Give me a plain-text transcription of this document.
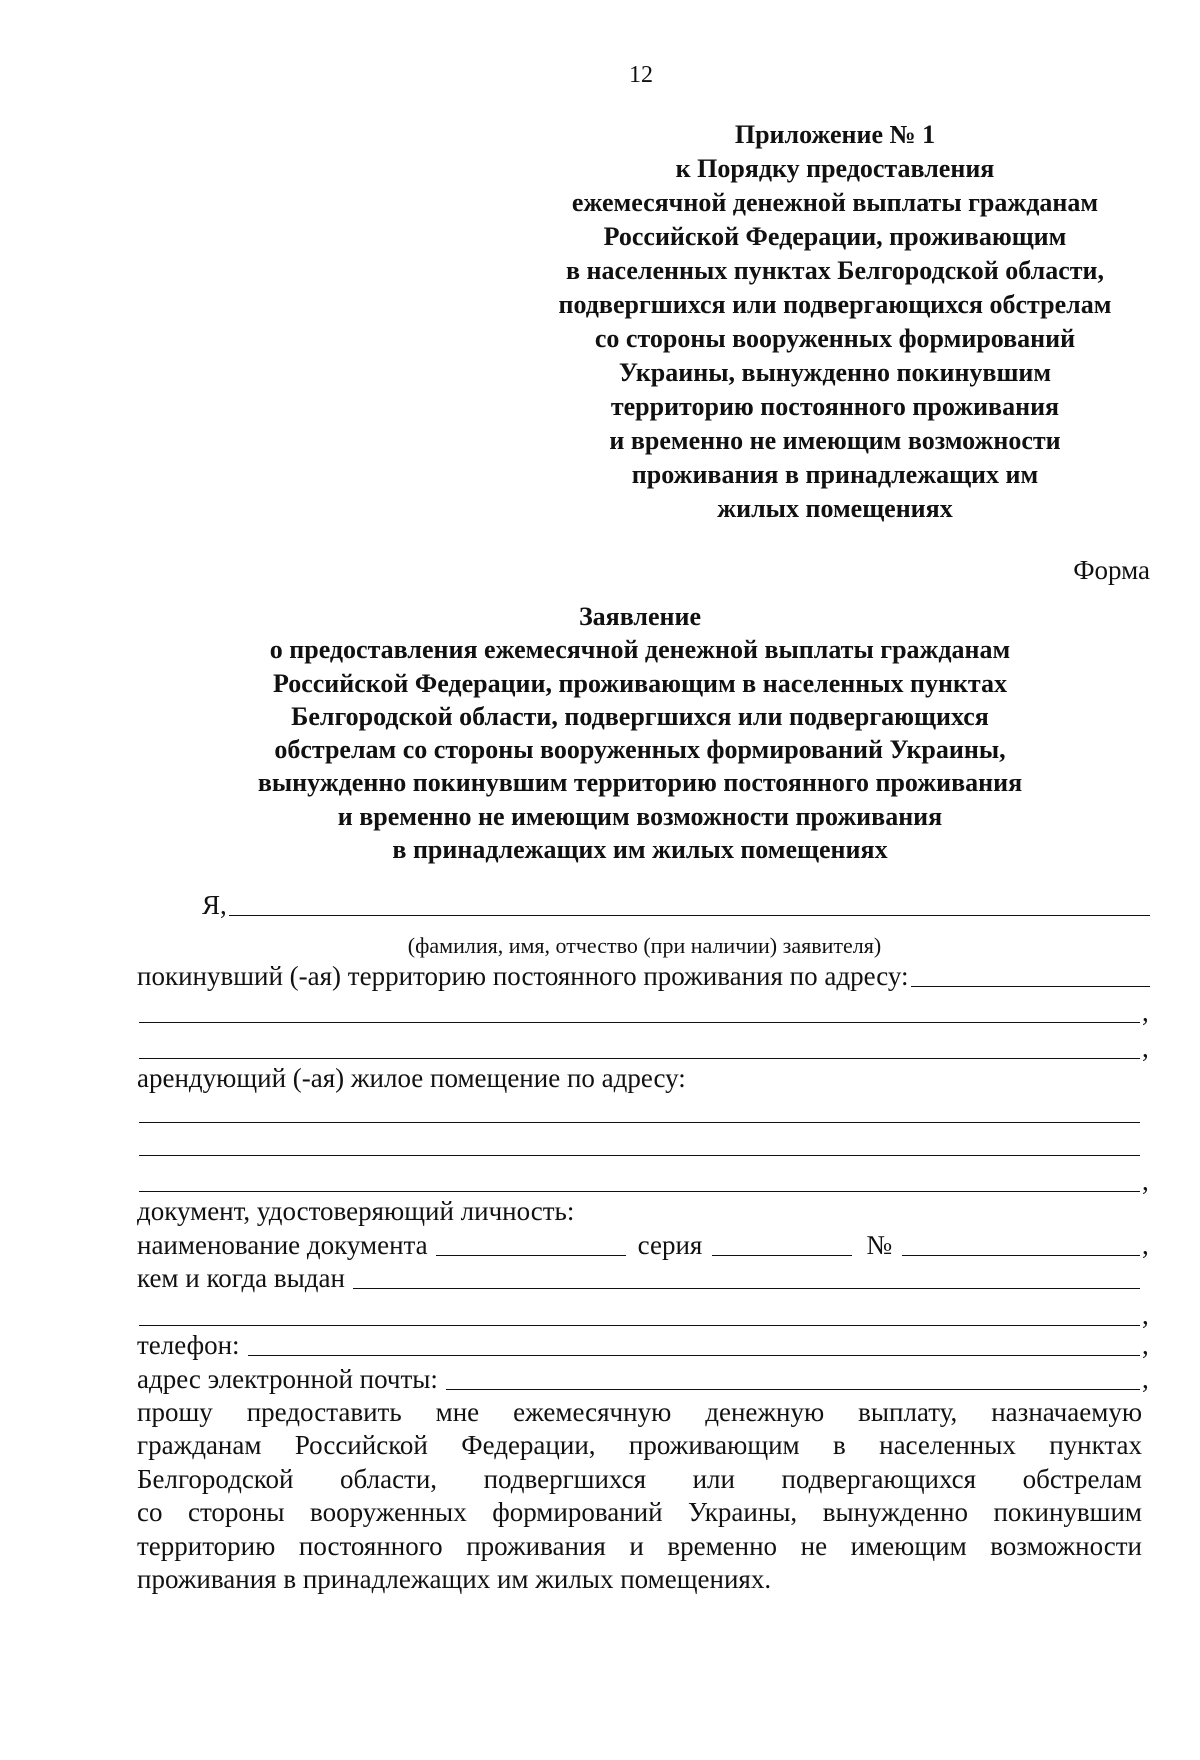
12
Приложение № 1
к Порядку предоставления
ежемесячной денежной выплаты гражданам
Российской Федерации, проживающим
в населенных пунктах Белгородской области,
подвергшихся или подвергающихся обстрелам
со стороны вооруженных формирований
Украины, вынужденно покинувшим
территорию постоянного проживания
и временно не имеющим возможности
проживания в принадлежащих им
жилых помещениях
Форма
Заявление
о предоставления ежемесячной денежной выплаты гражданам
Российской Федерации, проживающим в населенных пунктах
Белгородской области, подвергшихся или подвергающихся
обстрелам со стороны вооруженных формирований Украины,
вынужденно покинувшим территорию постоянного проживания
и временно не имеющим возможности проживания
в принадлежащих им жилых помещениях
Я,
(фамилия, имя, отчество (при наличии) заявителя)
покинувший (-ая) территорию постоянного проживания по адресу:
,
,
арендующий (-ая) жилое помещение по адресу:
,
документ, удостоверяющий личность:
наименование документа	серия	№	,
кем и когда выдан
,
телефон:	,
адрес электронной почты:	,
прошу предоставить мне ежемесячную денежную выплату, назначаемую
гражданам Российской Федерации, проживающим в населенных пунктах
Белгородской области, подвергшихся или подвергающихся обстрелам
со стороны вооруженных формирований Украины, вынужденно покинувшим
территорию постоянного проживания и временно не имеющим возможности
проживания в принадлежащих им жилых помещениях.
